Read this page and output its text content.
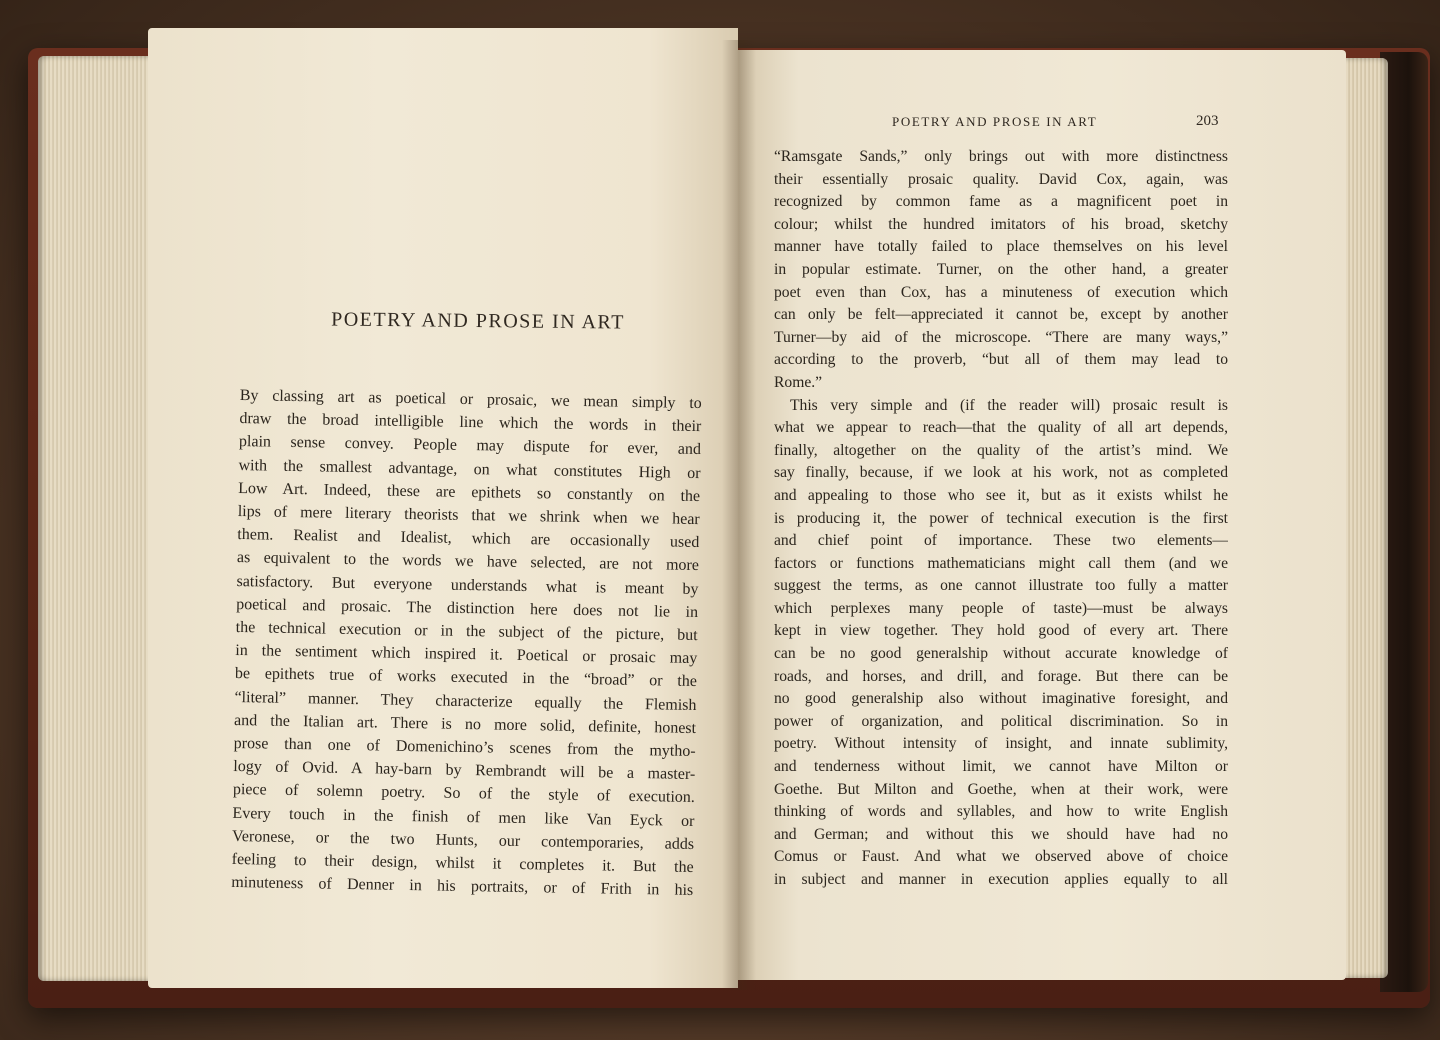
POETRY AND PROSE IN ART
By classing art as poetical or prosaic, we mean simply to
draw the broad intelligible line which the words in their
plain sense convey. People may dispute for ever, and
with the smallest advantage, on what constitutes High or
Low Art. Indeed, these are epithets so constantly on the
lips of mere literary theorists that we shrink when we hear
them. Realist and Idealist, which are occasionally used
as equivalent to the words we have selected, are not more
satisfactory. But everyone understands what is meant by
poetical and prosaic. The distinction here does not lie in
the technical execution or in the subject of the picture, but
in the sentiment which inspired it. Poetical or prosaic may
be epithets true of works executed in the “broad” or the
“literal” manner. They characterize equally the Flemish
and the Italian art. There is no more solid, definite, honest
prose than one of Domenichino’s scenes from the mytho-
logy of Ovid. A hay-barn by Rembrandt will be a master-
piece of solemn poetry. So of the style of execution.
Every touch in the finish of men like Van Eyck or
Veronese, or the two Hunts, our contemporaries, adds
feeling to their design, whilst it completes it. But the
minuteness of Denner in his portraits, or of Frith in his
POETRY AND PROSE IN ART	203
“Ramsgate Sands,” only brings out with more distinctness
their essentially prosaic quality. David Cox, again, was
recognized by common fame as a magnificent poet in
colour; whilst the hundred imitators of his broad, sketchy
manner have totally failed to place themselves on his level
in popular estimate. Turner, on the other hand, a greater
poet even than Cox, has a minuteness of execution which
can only be felt—appreciated it cannot be, except by another
Turner—by aid of the microscope. “There are many ways,”
according to the proverb, “but all of them may lead to
Rome.”
This very simple and (if the reader will) prosaic result is
what we appear to reach—that the quality of all art depends,
finally, altogether on the quality of the artist’s mind. We
say finally, because, if we look at his work, not as completed
and appealing to those who see it, but as it exists whilst he
is producing it, the power of technical execution is the first
and chief point of importance. These two elements—
factors or functions mathematicians might call them (and we
suggest the terms, as one cannot illustrate too fully a matter
which perplexes many people of taste)—must be always
kept in view together. They hold good of every art. There
can be no good generalship without accurate knowledge of
roads, and horses, and drill, and forage. But there can be
no good generalship also without imaginative foresight, and
power of organization, and political discrimination. So in
poetry. Without intensity of insight, and innate sublimity,
and tenderness without limit, we cannot have Milton or
Goethe. But Milton and Goethe, when at their work, were
thinking of words and syllables, and how to write English
and German; and without this we should have had no
Comus or Faust. And what we observed above of choice
in subject and manner in execution applies equally to all
